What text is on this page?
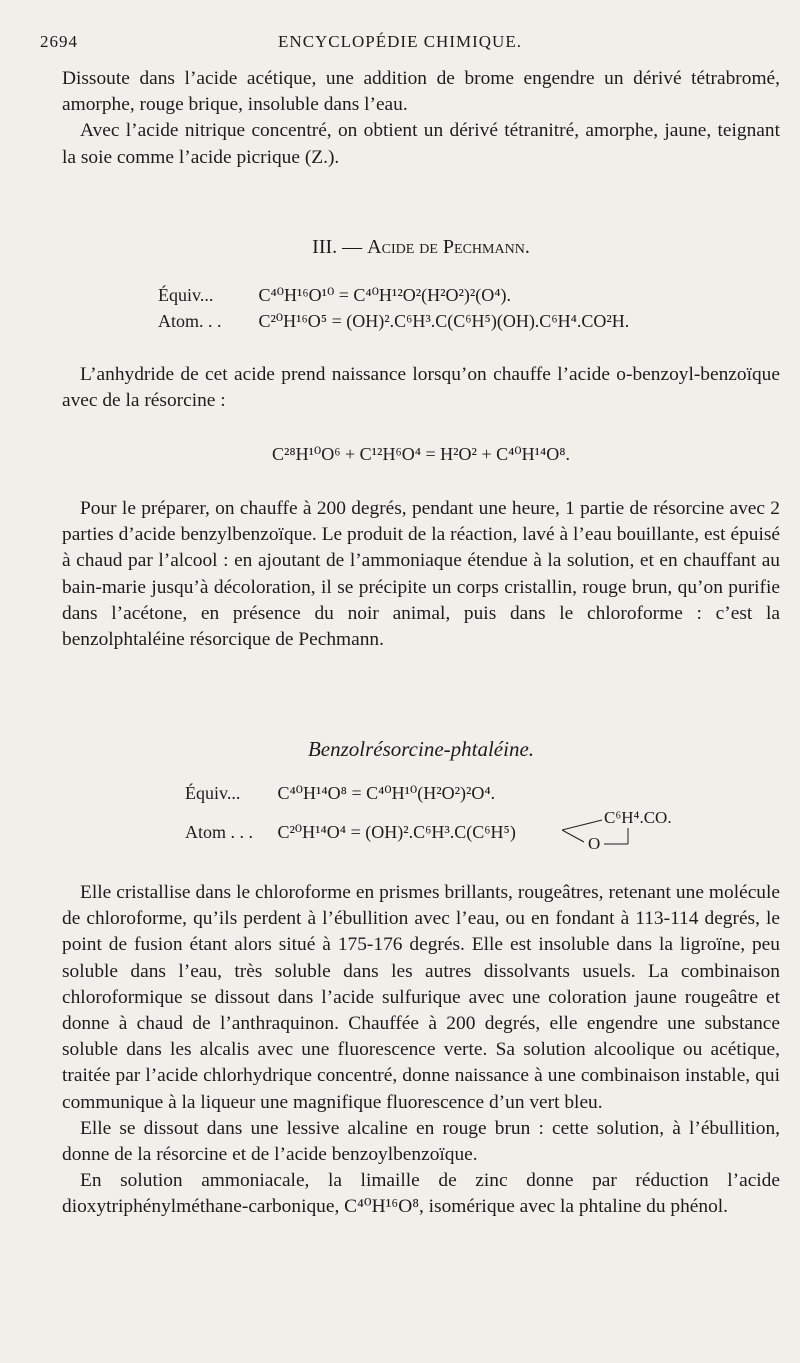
2694	ENCYCLOPÉDIE CHIMIQUE.

Dissoute dans l’acide acétique, une addition de brome engendre un dérivé tétrabromé, amorphe, rouge brique, insoluble dans l’eau.

Avec l’acide nitrique concentré, on obtient un dérivé tétranitré, amorphe, jaune, teignant la soie comme l’acide picrique (Z.).

III. — Acide de Pechmann.
Équiv...	C⁴⁰H¹⁶O¹⁰ = C⁴⁰H¹²O²(H²O²)²(O⁴).
Atom. . . C²⁰H¹⁶O⁵ = (OH)².C⁶H³.C(C⁶H⁵)(OH).C⁶H⁴.CO²H.

L’anhydride de cet acide prend naissance lorsqu’on chauffe l’acide o-benzoyl-benzoïque avec de la résorcine :

C²⁸H¹⁰O⁶ + C¹²H⁶O⁴ = H²O² + C⁴⁰H¹⁴O⁸.

Pour le préparer, on chauffe à 200 degrés, pendant une heure, 1 partie de résorcine avec 2 parties d’acide benzylbenzoïque. Le produit de la réaction, lavé à l’eau bouillante, est épuisé à chaud par l’alcool : en ajoutant de l’ammoniaque étendue à la solution, et en chauffant au bain-marie jusqu’à décoloration, il se précipite un corps cristallin, rouge brun, qu’on purifie dans l’acétone, en présence du noir animal, puis dans le chloroforme : c’est la benzolphtaléine résorcique de Pechmann.

Benzolrésorcine-phtaléine.
Équiv... C⁴⁰H¹⁴O⁸ = C⁴⁰H¹⁰(H²O²)²O⁴.
Atom . . . C²⁰H¹⁴O⁴ = (OH)².C⁶H³.C(C⁶H⁵)
C⁶H⁴.CO.
O

Elle cristallise dans le chloroforme en prismes brillants, rougeâtres, retenant une molécule de chloroforme, qu’ils perdent à l’ébullition avec l’eau, ou en fondant à 113-114 degrés, le point de fusion étant alors situé à 175-176 degrés. Elle est insoluble dans la ligroïne, peu soluble dans l’eau, très soluble dans les autres dissolvants usuels. La combinaison chloroformique se dissout dans l’acide sulfurique avec une coloration jaune rougeâtre et donne à chaud de l’anthraquinon. Chauffée à 200 degrés, elle engendre une substance soluble dans les alcalis avec une fluorescence verte. Sa solution alcoolique ou acétique, traitée par l’acide chlorhydrique concentré, donne naissance à une combinaison instable, qui communique à la liqueur une magnifique fluorescence d’un vert bleu.

Elle se dissout dans une lessive alcaline en rouge brun : cette solution, à l’ébullition, donne de la résorcine et de l’acide benzoylbenzoïque.

En solution ammoniacale, la limaille de zinc donne par réduction l’acide dioxytriphénylméthane-carbonique, C⁴⁰H¹⁶O⁸, isomérique avec la phtaline du phénol.
